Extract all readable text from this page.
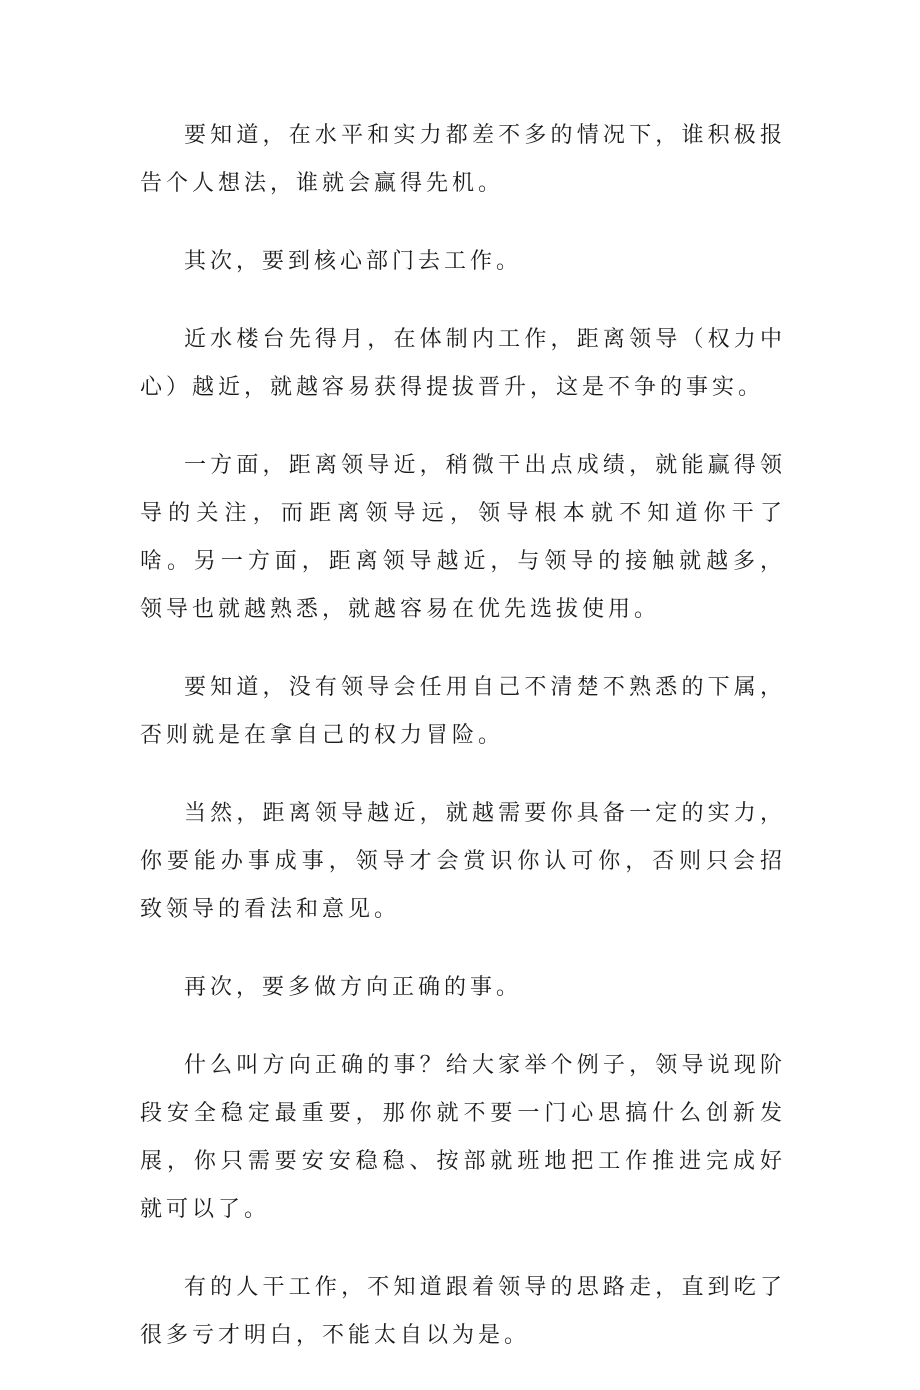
要知道，在水平和实力都差不多的情况下，谁积极报告个人想法，谁就会赢得先机。

其次，要到核心部门去工作。

近水楼台先得月，在体制内工作，距离领导（权力中心）越近，就越容易获得提拔晋升，这是不争的事实。

一方面，距离领导近，稍微干出点成绩，就能赢得领导的关注，而距离领导远，领导根本就不知道你干了啥。另一方面，距离领导越近，与领导的接触就越多，领导也就越熟悉，就越容易在优先选拔使用。

要知道，没有领导会任用自己不清楚不熟悉的下属，否则就是在拿自己的权力冒险。

当然，距离领导越近，就越需要你具备一定的实力，你要能办事成事，领导才会赏识你认可你，否则只会招致领导的看法和意见。

再次，要多做方向正确的事。

什么叫方向正确的事？给大家举个例子，领导说现阶段安全稳定最重要，那你就不要一门心思搞什么创新发展，你只需要安安稳稳、按部就班地把工作推进完成好就可以了。

有的人干工作，不知道跟着领导的思路走，直到吃了很多亏才明白，不能太自以为是。
